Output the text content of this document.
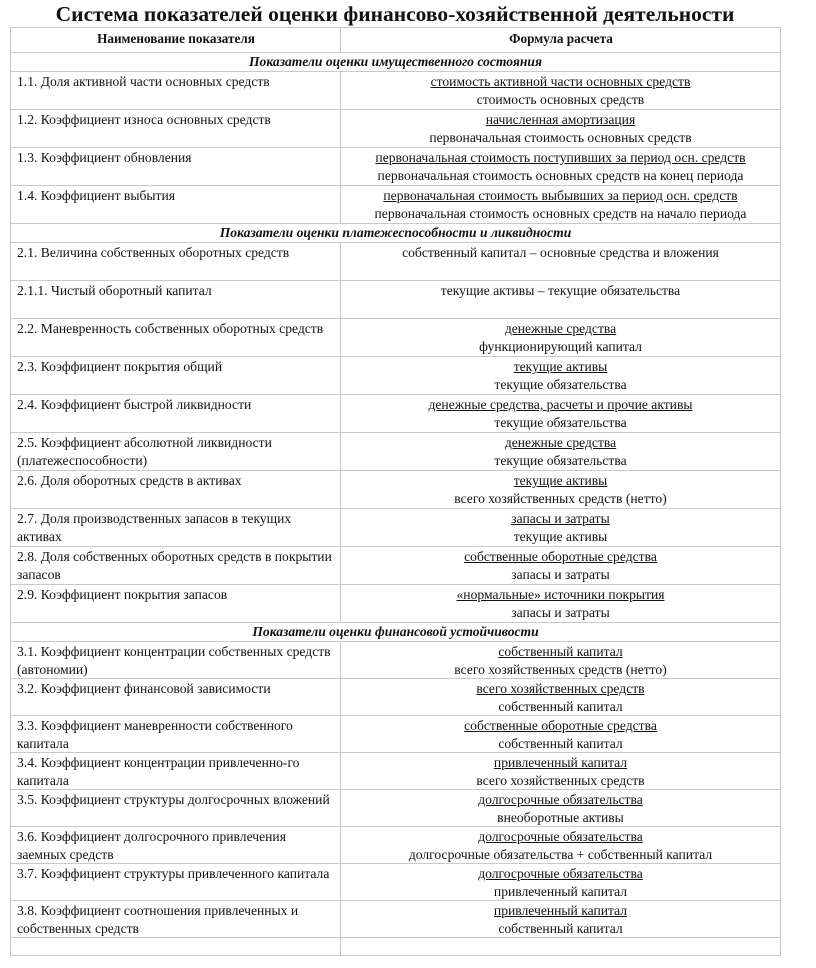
Система показателей оценки финансово-хозяйственной деятельности
Наименование показателя	Формула расчета
Показатели оценки имущественного состояния	
1.1. Доля активной части основных средств	стоимость активной части основных средств
стоимость основных средств

1.2. Коэффициент износа основных средств	начисленная амортизация
первоначальная стоимость основных средств

1.3. Коэффициент обновления	первоначальная стоимость поступивших за период осн. средств
первоначальная стоимость основных средств на конец периода

1.4. Коэффициент выбытия	первоначальная стоимость выбывших за период осн. средств
первоначальная стоимость основных средств на начало периода

Показатели оценки платежеспособности и ликвидности	
2.1. Величина собственных оборотных средств	собственный капитал – основные средства и вложения

2.1.1. Чистый оборотный капитал	текущие активы – текущие обязательства

2.2. Маневренность собственных оборотных средств	денежные средства
функционирующий капитал

2.3. Коэффициент покрытия общий	текущие активы
текущие обязательства

2.4. Коэффициент быстрой ликвидности	денежные средства, расчеты и прочие активы
текущие обязательства

2.5. Коэффициент абсолютной ликвидности (платежеспособности)	денежные средства
текущие обязательства

2.6. Доля оборотных средств в активах	текущие активы
всего хозяйственных средств (нетто)

2.7. Доля производственных запасов в текущих активах	запасы и затраты
текущие активы

2.8. Доля собственных оборотных средств в покрытии запасов	собственные оборотные средства
запасы и затраты

2.9. Коэффициент покрытия запасов	«нормальные» источники покрытия
запасы и затраты

Показатели оценки финансовой устойчивости	
3.1. Коэффициент концентрации собственных средств (автономии)	собственный капитал
всего хозяйственных средств (нетто)

3.2. Коэффициент финансовой зависимости	всего хозяйственных средств
собственный капитал

3.3. Коэффициент маневренности собственного капитала	собственные оборотные средства
собственный капитал

3.4. Коэффициент концентрации привлеченно-го капитала	привлеченный капитал
всего хозяйственных средств

3.5. Коэффициент структуры долгосрочных вложений	долгосрочные обязательства
внеоборотные активы

3.6. Коэффициент долгосрочного привлечения заемных средств	долгосрочные обязательства
долгосрочные обязательства + собственный капитал

3.7. Коэффициент структуры привлеченного капитала	долгосрочные обязательства
привлеченный капитал

3.8. Коэффициент соотношения привлеченных и собственных средств	привлеченный капитал
собственный капитал
